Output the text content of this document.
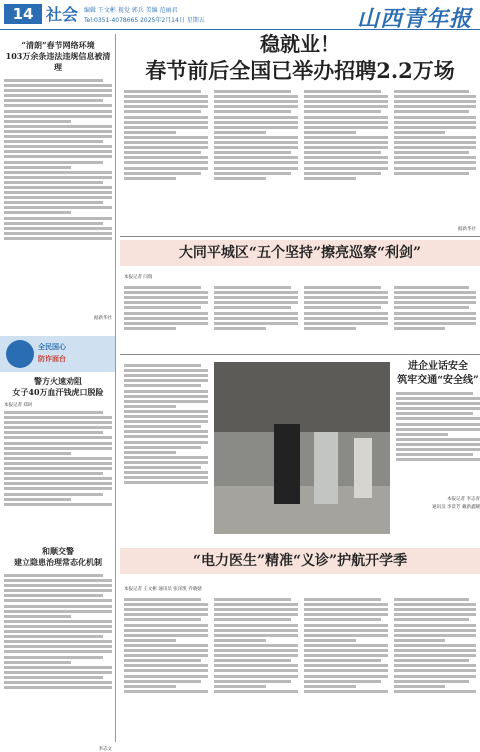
14 社会 编辑 王文彬 视觉 郭兵 美编 范丽君
Tel:0351-4078665 2025年2月14日 星期五	山西青年报
“清朗”春节网络环境
103万余条违法违规信息被清理
据新华社
全民国心
防诈面台
警方火速劝阻
女子40万血汗钱虎口脱险
本报记者 郑珂
和顺交警
建立隐患治理常态化机制
李志文
稳就业！
春节前后全国已举办招聘2.2万场
据新华社
大同平城区“五个坚持”擦亮巡察“利剑”
本报记者 闫瑞
进企业话安全
筑牢交通“安全线”
本报记者 李志青
通讯员 李景芳 戴新鑫曜
“电力医生”精准“义诊”护航开学季
本报记者 王文彬 通讯员 张泽凯 乔晓婧
